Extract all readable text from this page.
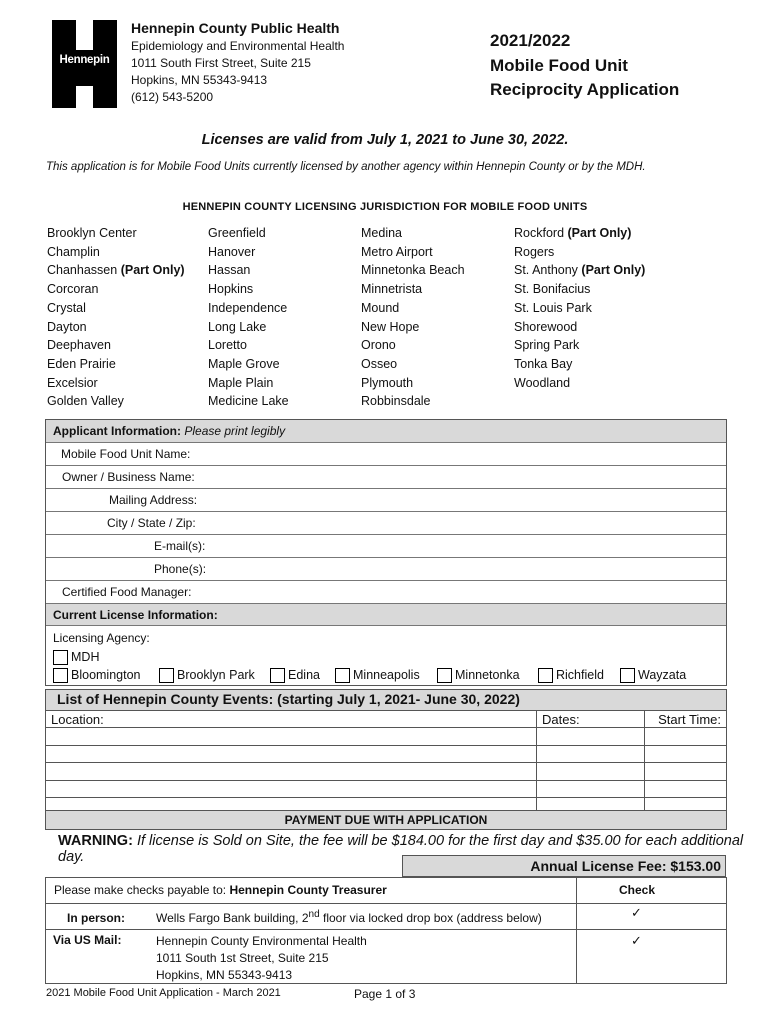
Hennepin
Hennepin County Public Health
Epidemiology and Environmental Health
1011 South First Street, Suite 215
Hopkins, MN 55343-9413
(612) 543-5200
2021/2022
Mobile Food Unit
Reciprocity Application
Licenses are valid from July 1, 2021 to June 30, 2022.
This application is for Mobile Food Units currently licensed by another agency within Hennepin County or by the MDH.
HENNEPIN COUNTY LICENSING JURISDICTION FOR MOBILE FOOD UNITS
Brooklyn Center
Champlin
Chanhassen (Part Only)
Corcoran
Crystal
Dayton
Deephaven
Eden Prairie
Excelsior
Golden Valley
Greenfield
Hanover
Hassan
Hopkins
Independence
Long Lake
Loretto
Maple Grove
Maple Plain
Medicine Lake
Medina
Metro Airport
Minnetonka Beach
Minnetrista
Mound
New Hope
Orono
Osseo
Plymouth
Robbinsdale
Rockford (Part Only)
Rogers
St. Anthony (Part Only)
St. Bonifacius
St. Louis Park
Shorewood
Spring Park
Tonka Bay
Woodland
Applicant Information: Please print legibly
Mobile Food Unit Name:
Owner / Business Name:
Mailing Address:
City / State / Zip:
E-mail(s):
Phone(s):
Certified Food Manager:
Current License Information:
Licensing Agency:
MDH
Bloomington	Brooklyn Park	Edina	Minneapolis	Minnetonka	Richfield	Wayzata
List of Hennepin County Events: (starting July 1, 2021- June 30, 2022)
Location:	Dates:	Start Time:

PAYMENT DUE WITH APPLICATION
WARNING: If license is Sold on Site, the fee will be $184.00 for the first day and $35.00 for each additional day.
Annual License Fee: $153.00
Please make checks payable to: Hennepin County Treasurer	Check
In person:	Wells Fargo Bank building, 2nd floor via locked drop box (address below)	✓
Via US Mail:	Hennepin County Environmental Health
1011 South 1st Street, Suite 215
Hopkins, MN 55343-9413
✓
2021 Mobile Food Unit Application - March 2021	Page 1 of 3
